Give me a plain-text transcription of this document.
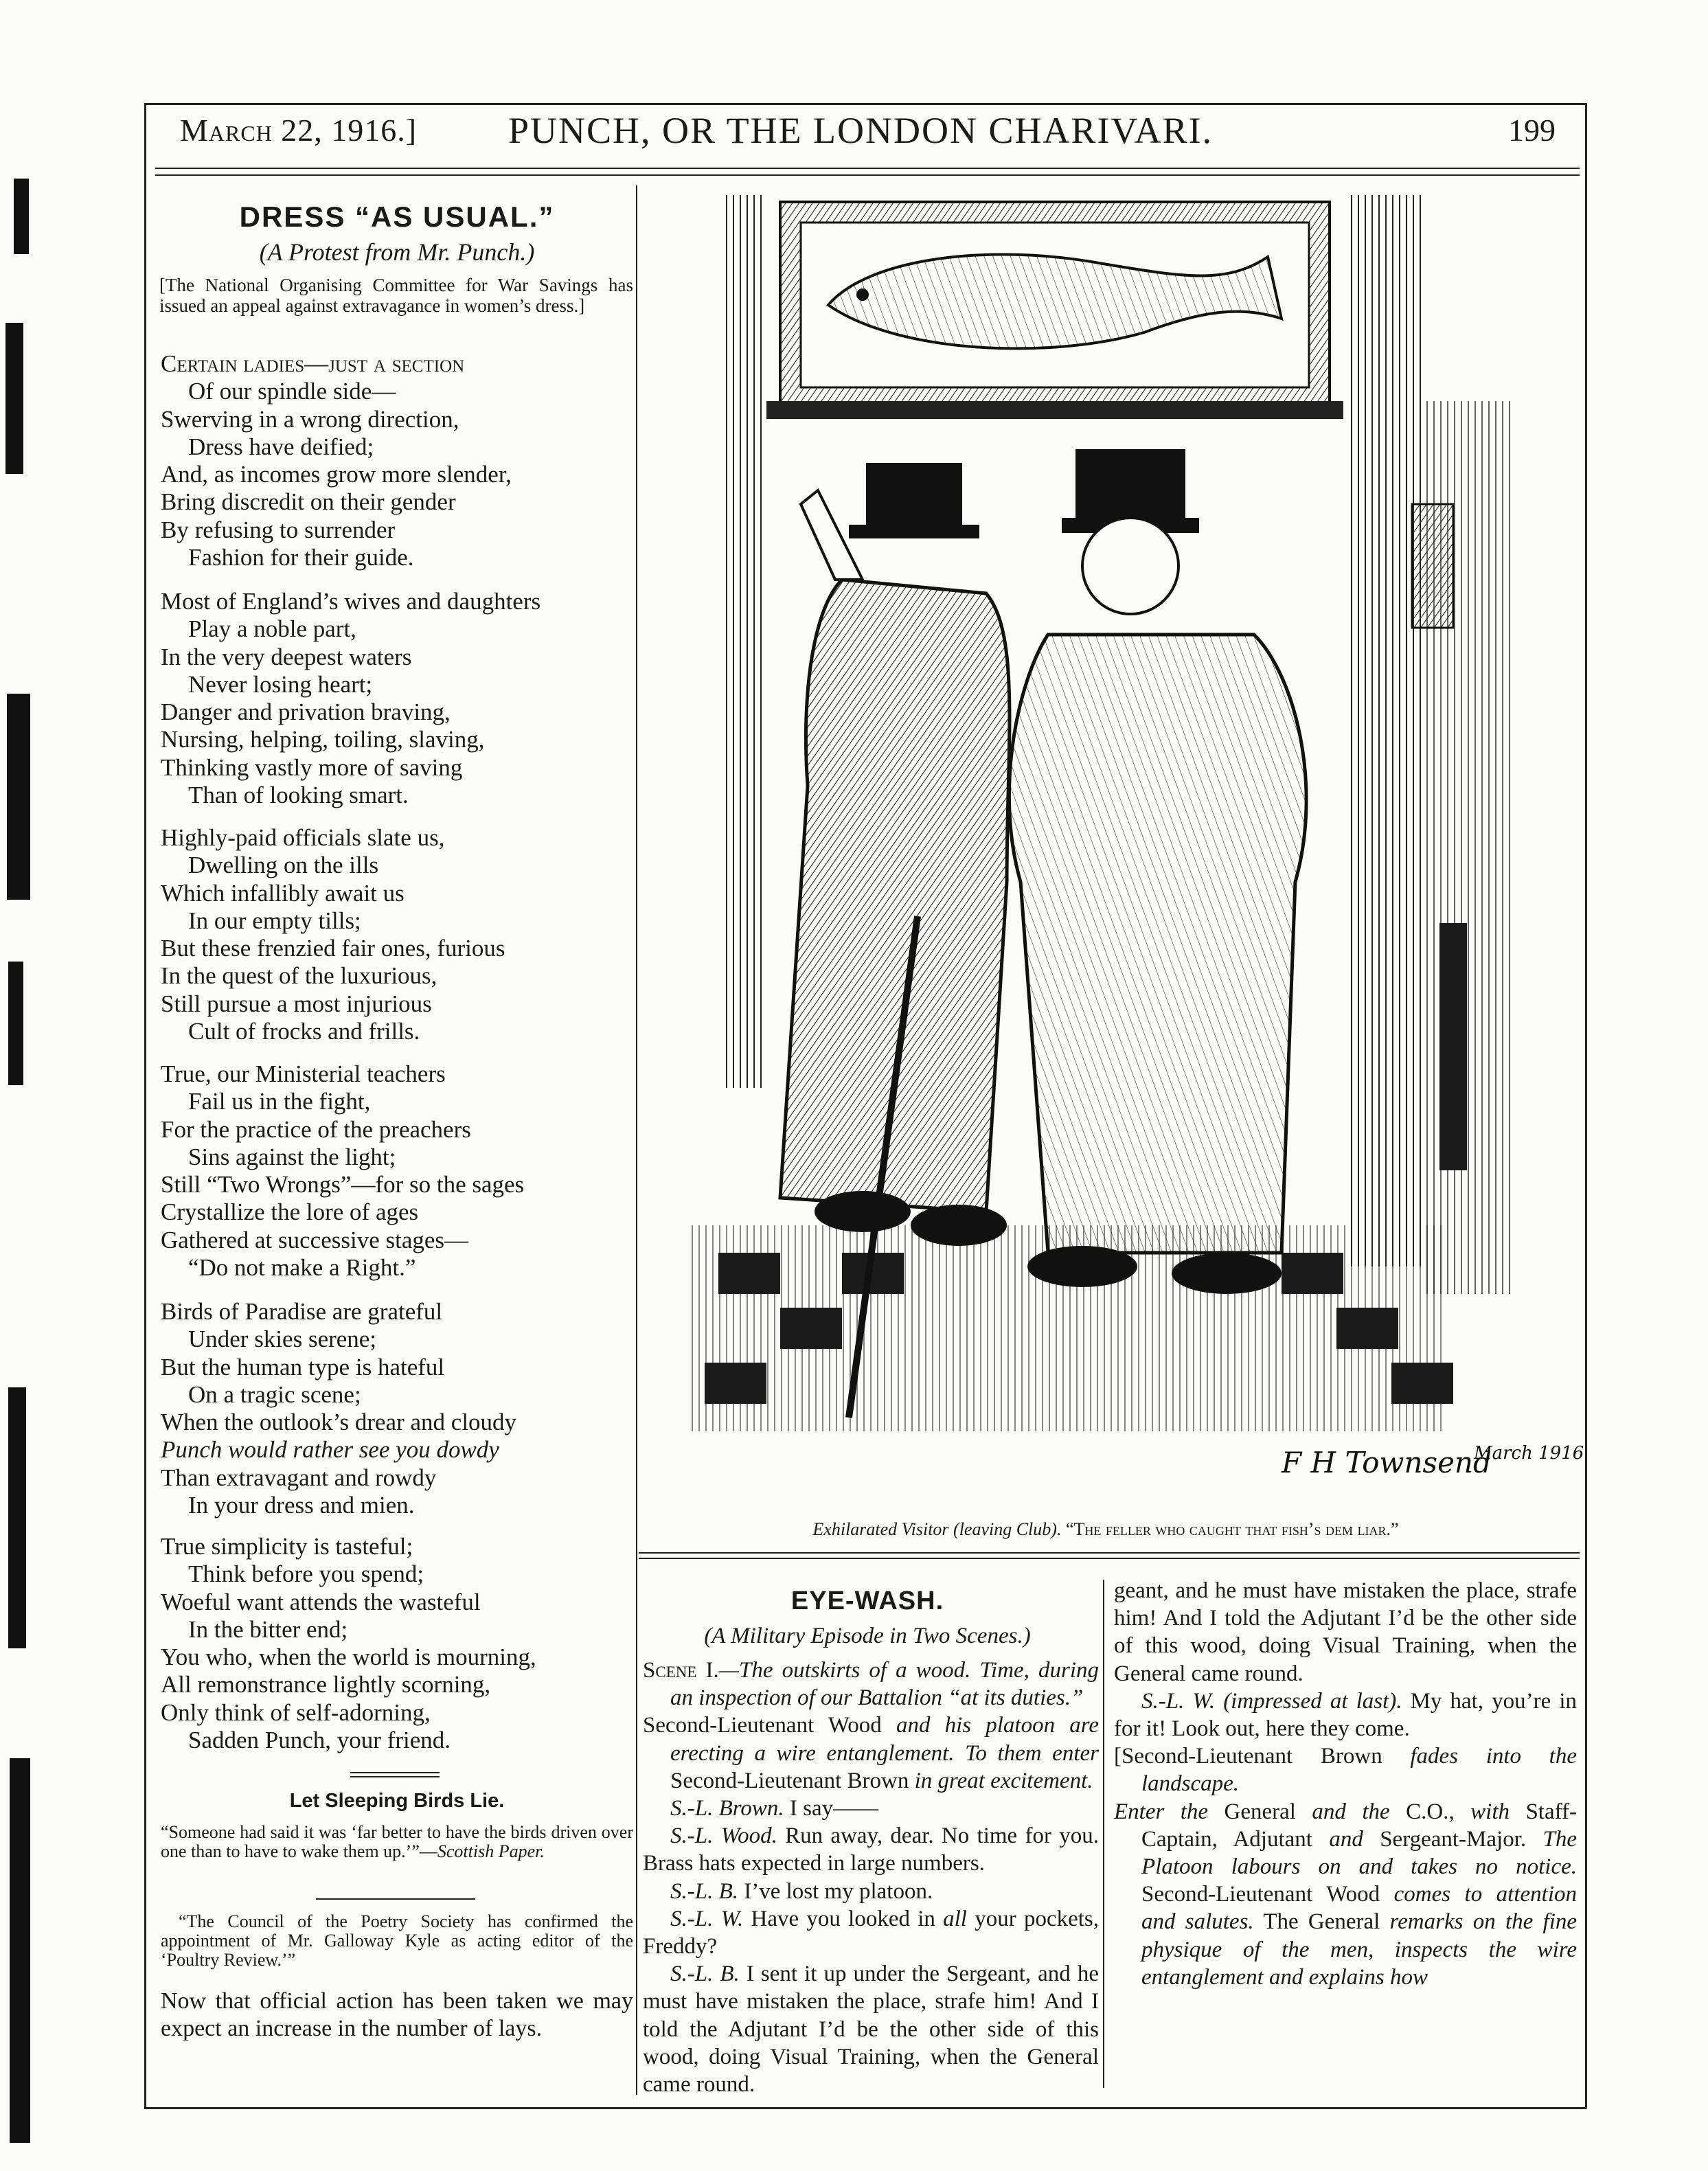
March 22, 1916.] PUNCH, OR THE LONDON CHARIVARI.	199
DRESS “AS USUAL.”
(A Protest from Mr. Punch.)
[The National Organising Committee for War Savings has issued an appeal against extravagance in women’s dress.]
Certain ladies—just a section
Of our spindle side—
Swerving in a wrong direction,
Dress have deified;
And, as incomes grow more slender,
Bring discredit on their gender
By refusing to surrender
Fashion for their guide.
Most of England’s wives and daughters
Play a noble part,
In the very deepest waters
Never losing heart;
Danger and privation braving,
Nursing, helping, toiling, slaving,
Thinking vastly more of saving
Than of looking smart.
Highly-paid officials slate us,
Dwelling on the ills
Which infallibly await us
In our empty tills;
But these frenzied fair ones, furious
In the quest of the luxurious,
Still pursue a most injurious
Cult of frocks and frills.
True, our Ministerial teachers
Fail us in the fight,
For the practice of the preachers
Sins against the light;
Still “Two Wrongs”—for so the sages
Crystallize the lore of ages
Gathered at successive stages—
“Do not make a Right.”
Birds of Paradise are grateful
Under skies serene;
But the human type is hateful
On a tragic scene;
When the outlook’s drear and cloudy
Punch would rather see you dowdy
Than extravagant and rowdy
In your dress and mien.
True simplicity is tasteful;
Think before you spend;
Woeful want attends the wasteful
In the bitter end;
You who, when the world is mourning,
All remonstrance lightly scorning,
Only think of self-adorning,
Sadden Punch, your friend.
Let Sleeping Birds Lie.
“Someone had said it was ‘far better to have the birds driven over one than to have to wake them up.’”—Scottish Paper.
“The Council of the Poetry Society has confirmed the appointment of Mr. Galloway Kyle as acting editor of the ‘Poultry Review.’”
Now that official action has been taken we may expect an increase in the number of lays.
F H Townsend
March 1916
Exhilarated Visitor (leaving Club). “The feller who caught that fish’s dem liar.”
EYE-WASH.
(A Military Episode in Two Scenes.)

Scene I.—The outskirts of a wood. Time, during an inspection of our Battalion “at its duties.”

Second-Lieutenant Wood and his platoon are erecting a wire entanglement. To them enter Second-Lieutenant Brown in great excitement.

S.-L. Brown. I say——

S.-L. Wood. Run away, dear. No time for you. Brass hats expected in large numbers.

S.-L. B. I’ve lost my platoon.

S.-L. W. Have you looked in all your pockets, Freddy?

S.-L. B. I sent it up under the Sergeant, and he must have mistaken the place, strafe him! And I told the Adjutant I’d be the other side of this wood, doing Visual Training, when the General came round.

geant, and he must have mistaken the place, strafe him! And I told the Adjutant I’d be the other side of this wood, doing Visual Training, when the General came round.

S.-L. W. (impressed at last). My hat, you’re in for it! Look out, here they come.

[Second-Lieutenant Brown fades into the landscape.

Enter the General and the C.O., with Staff-Captain, Adjutant and Sergeant-Major. The Platoon labours on and takes no notice. Second-Lieutenant Wood comes to attention and salutes. The General remarks on the fine physique of the men, inspects the wire entanglement and explains how
